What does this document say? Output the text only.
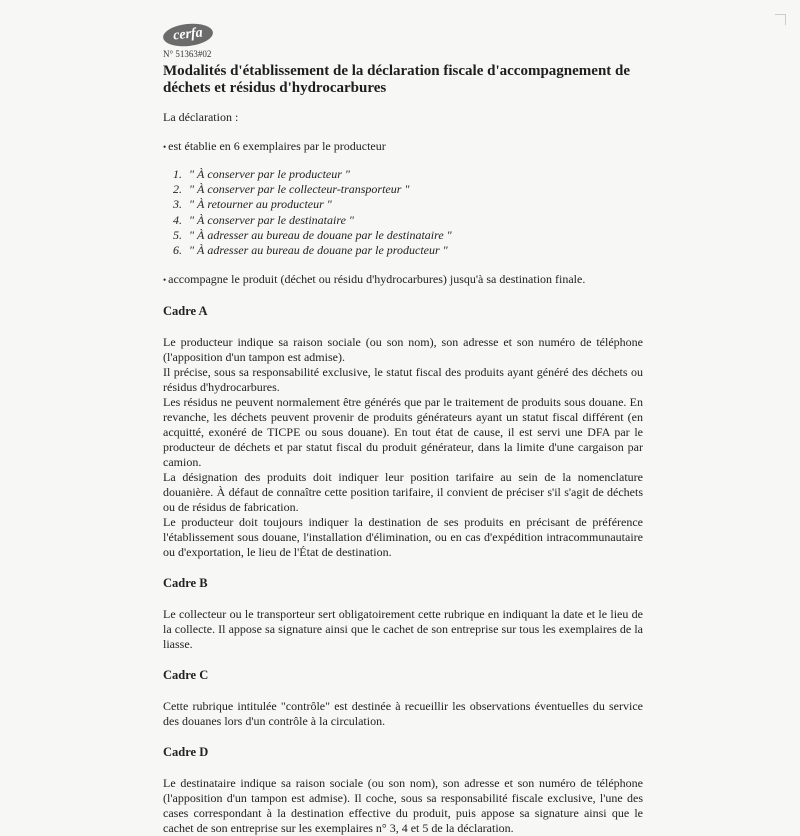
cerfa
N° 51363#02
Modalités d'établissement de la déclaration fiscale d'accompagnement de déchets et résidus d'hydrocarbures

La déclaration :

• est établie en 6 exemplaires par le producteur

1. " À conserver par le producteur "
2. " À conserver par le collecteur-transporteur "
3. " À retourner au producteur "
4. " À conserver par le destinataire "
5. " À adresser au bureau de douane par le destinataire "
6. " À adresser au bureau de douane par le producteur "

• accompagne le produit (déchet ou résidu d'hydrocarbures) jusqu'à sa destination finale.

Cadre A

Le producteur indique sa raison sociale (ou son nom), son adresse et son numéro de téléphone (l'apposition d'un tampon est admise).

Il précise, sous sa responsabilité exclusive, le statut fiscal des produits ayant généré des déchets ou résidus d'hydrocarbures.

Les résidus ne peuvent normalement être générés que par le traitement de produits sous douane. En revanche, les déchets peuvent provenir de produits générateurs ayant un statut fiscal différent (en acquitté, exonéré de TICPE ou sous douane). En tout état de cause, il est servi une DFA par le producteur de déchets et par statut fiscal du produit générateur, dans la limite d'une cargaison par camion.

La désignation des produits doit indiquer leur position tarifaire au sein de la nomenclature douanière. À défaut de connaître cette position tarifaire, il convient de préciser s'il s'agit de déchets ou de résidus de fabrication.

Le producteur doit toujours indiquer la destination de ses produits en précisant de préférence l'établissement sous douane, l'installation d'élimination, ou en cas d'expédition intracommunautaire ou d'exportation, le lieu de l'État de destination.

Cadre B

Le collecteur ou le transporteur sert obligatoirement cette rubrique en indiquant la date et le lieu de la collecte. Il appose sa signature ainsi que le cachet de son entreprise sur tous les exemplaires de la liasse.

Cadre C

Cette rubrique intitulée "contrôle" est destinée à recueillir les observations éventuelles du service des douanes lors d'un contrôle à la circulation.

Cadre D

Le destinataire indique sa raison sociale (ou son nom), son adresse et son numéro de téléphone (l'apposition d'un tampon est admise). Il coche, sous sa responsabilité fiscale exclusive, l'une des cases correspondant à la destination effective du produit, puis appose sa signature ainsi que le cachet de son entreprise sur les exemplaires n° 3, 4 et 5 de la déclaration.
